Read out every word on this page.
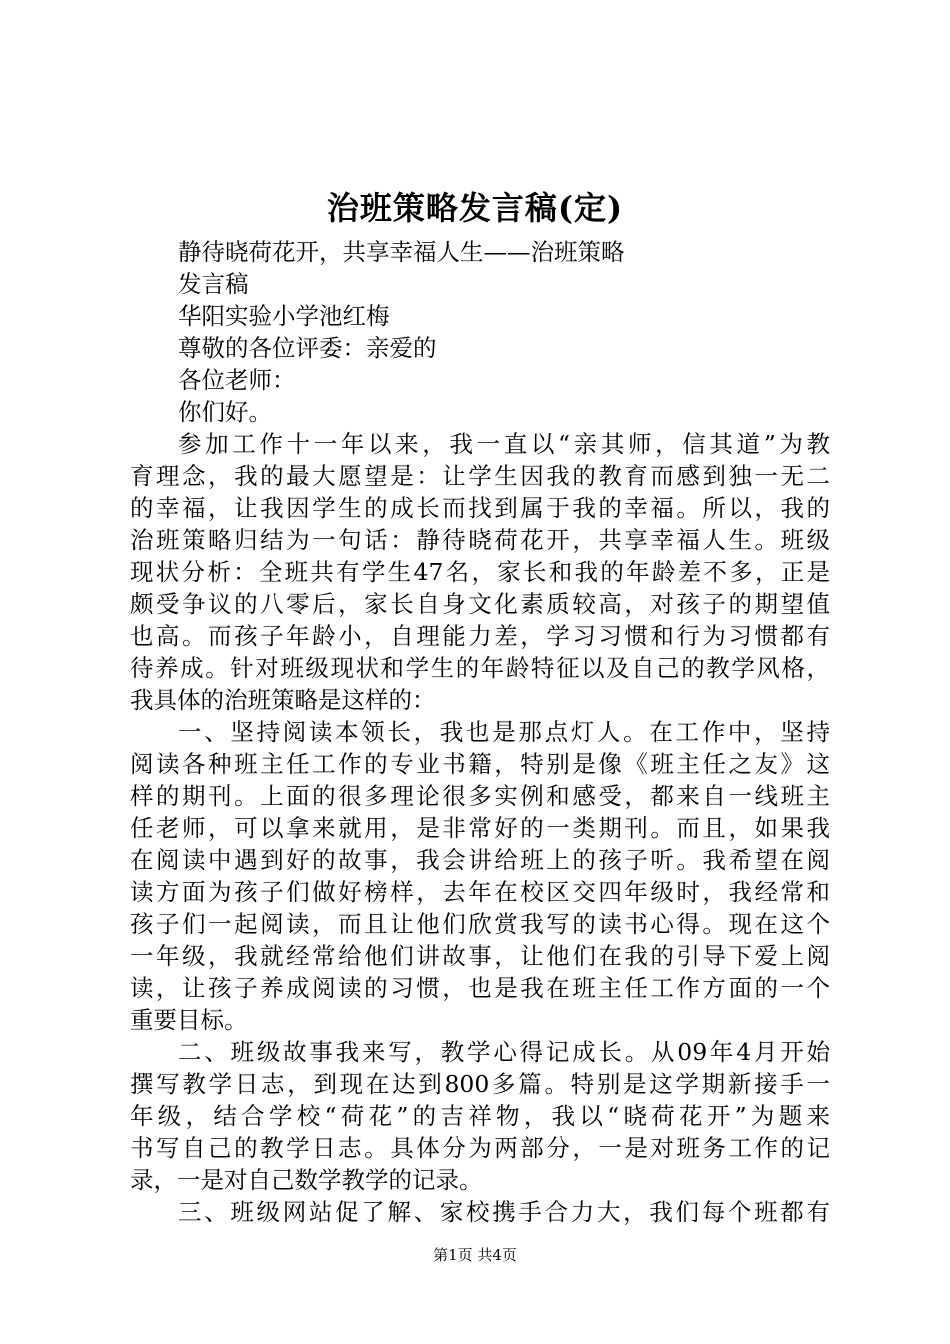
治班策略发言稿(定)
静待晓荷花开，共享幸福人生——治班策略
发言稿
华阳实验小学池红梅
尊敬的各位评委：亲爱的
各位老师：
你们好。
参加工作十一年以来，我一直以“亲其师，信其道”为教
育理念，我的最大愿望是：让学生因我的教育而感到独一无二
的幸福，让我因学生的成长而找到属于我的幸福。所以，我的
治班策略归结为一句话：静待晓荷花开，共享幸福人生。班级
现状分析：全班共有学生47名，家长和我的年龄差不多，正是
颇受争议的八零后，家长自身文化素质较高，对孩子的期望值
也高。而孩子年龄小，自理能力差，学习习惯和行为习惯都有
待养成。针对班级现状和学生的年龄特征以及自己的教学风格，
我具体的治班策略是这样的：
一、坚持阅读本领长，我也是那点灯人。在工作中，坚持
阅读各种班主任工作的专业书籍，特别是像《班主任之友》这
样的期刊。上面的很多理论很多实例和感受，都来自一线班主
任老师，可以拿来就用，是非常好的一类期刊。而且，如果我
在阅读中遇到好的故事，我会讲给班上的孩子听。我希望在阅
读方面为孩子们做好榜样，去年在校区交四年级时，我经常和
孩子们一起阅读，而且让他们欣赏我写的读书心得。现在这个
一年级，我就经常给他们讲故事，让他们在我的引导下爱上阅
读，让孩子养成阅读的习惯，也是我在班主任工作方面的一个
重要目标。
二、班级故事我来写，教学心得记成长。从09年4月开始
撰写教学日志，到现在达到800多篇。特别是这学期新接手一
年级，结合学校“荷花”的吉祥物，我以“晓荷花开”为题来
书写自己的教学日志。具体分为两部分，一是对班务工作的记
录，一是对自己数学教学的记录。
三、班级网站促了解、家校携手合力大，我们每个班都有
第1页 共4页
